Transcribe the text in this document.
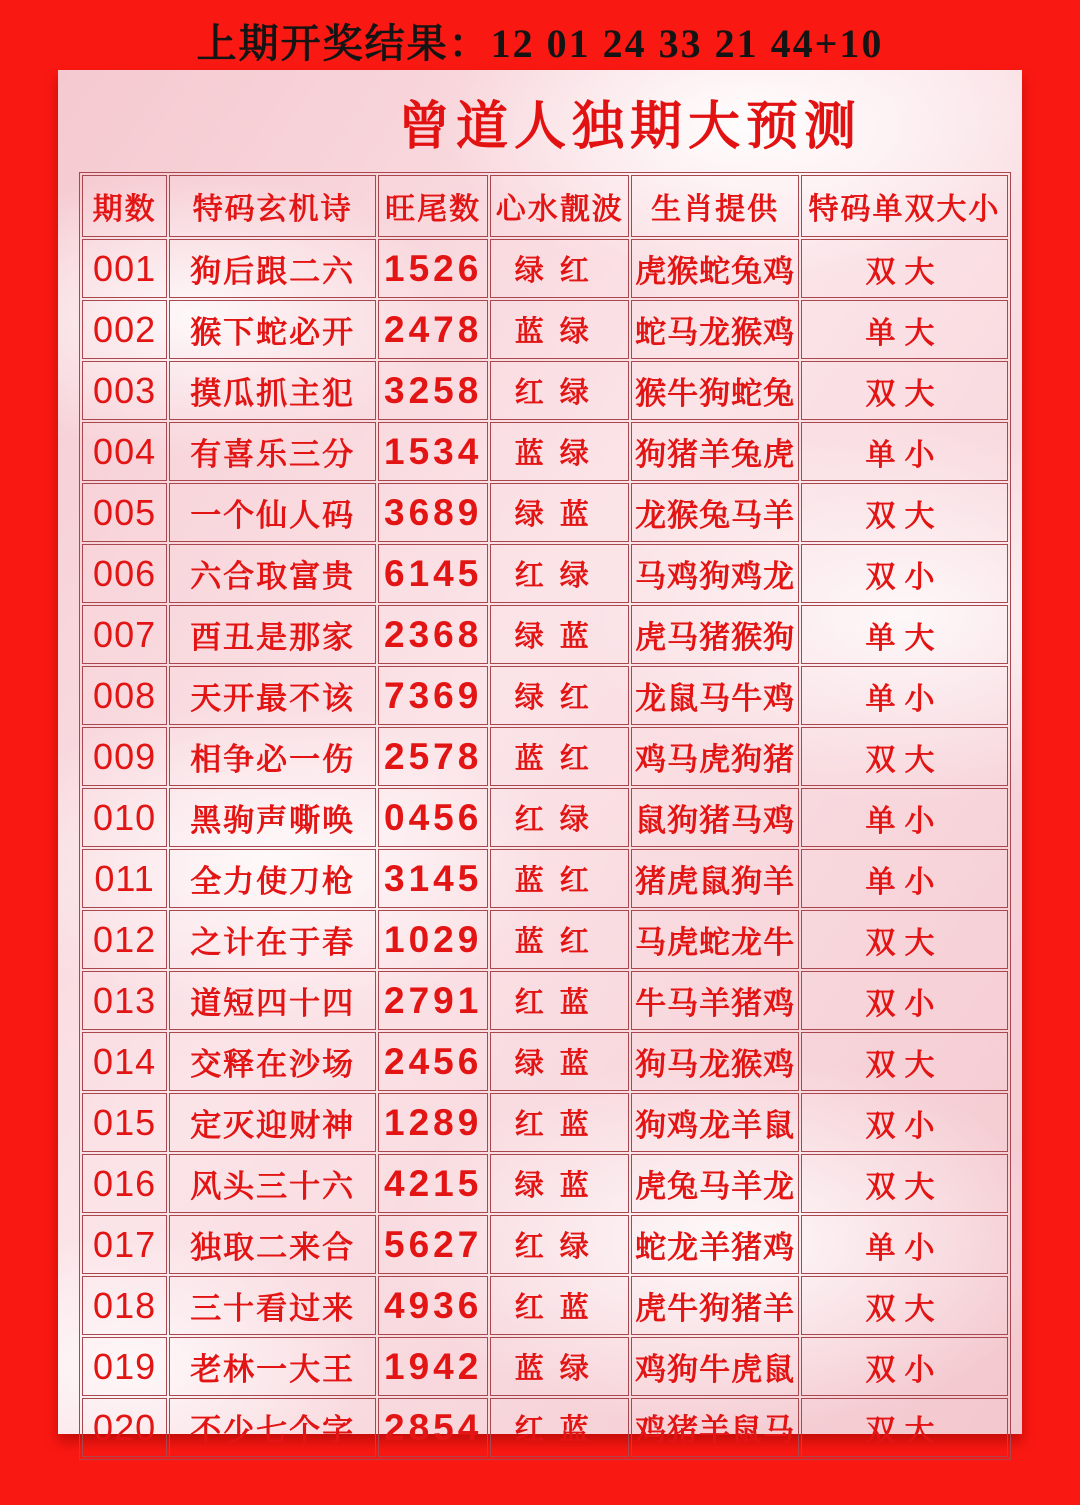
上期开奖结果：12 01 24 33 21 44+10
曾道人独期大预测
期数	特码玄机诗	旺尾数	心水靓波	生肖提供	特码单双大小
001	狗后跟二六	1526	绿红	虎猴蛇兔鸡	双大
002	猴下蛇必开	2478	蓝绿	蛇马龙猴鸡	单大
003	摸瓜抓主犯	3258	红绿	猴牛狗蛇兔	双大
004	有喜乐三分	1534	蓝绿	狗猪羊兔虎	单小
005	一个仙人码	3689	绿蓝	龙猴兔马羊	双大
006	六合取富贵	6145	红绿	马鸡狗鸡龙	双小
007	酉丑是那家	2368	绿蓝	虎马猪猴狗	单大
008	天开最不该	7369	绿红	龙鼠马牛鸡	单小
009	相争必一伤	2578	蓝红	鸡马虎狗猪	双大
010	黑驹声嘶唤	0456	红绿	鼠狗猪马鸡	单小
011	全力使刀枪	3145	蓝红	猪虎鼠狗羊	单小
012	之计在于春	1029	蓝红	马虎蛇龙牛	双大
013	道短四十四	2791	红蓝	牛马羊猪鸡	双小
014	交释在沙场	2456	绿蓝	狗马龙猴鸡	双大
015	定灭迎财神	1289	红蓝	狗鸡龙羊鼠	双小
016	风头三十六	4215	绿蓝	虎兔马羊龙	双大
017	独取二来合	5627	红绿	蛇龙羊猪鸡	单小
018	三十看过来	4936	红蓝	虎牛狗猪羊	双大
019	老林一大王	1942	蓝绿	鸡狗牛虎鼠	双小
020	不少七个字	2854	红蓝	鸡猪羊鼠马	双大
